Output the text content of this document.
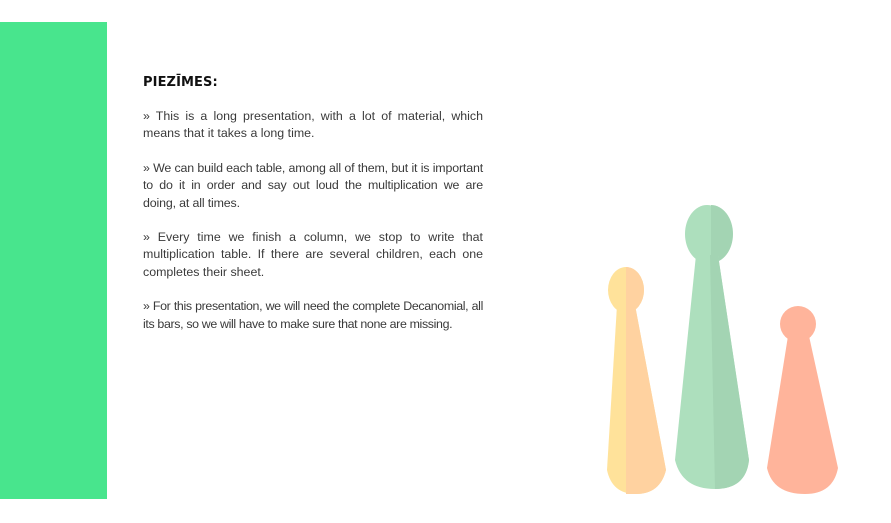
PIEZĪMES:

» This is a long presentation, with a lot of material, which means that it takes a long time.

» We can build each table, among all of them, but it is important to do it in order and say out loud the multiplication we are doing, at all times.

» Every time we finish a column, we stop to write that multiplication table. If there are several children, each one completes their sheet.

» For this presentation, we will need the complete Decanomial, all its bars, so we will have to make sure that none are missing.
